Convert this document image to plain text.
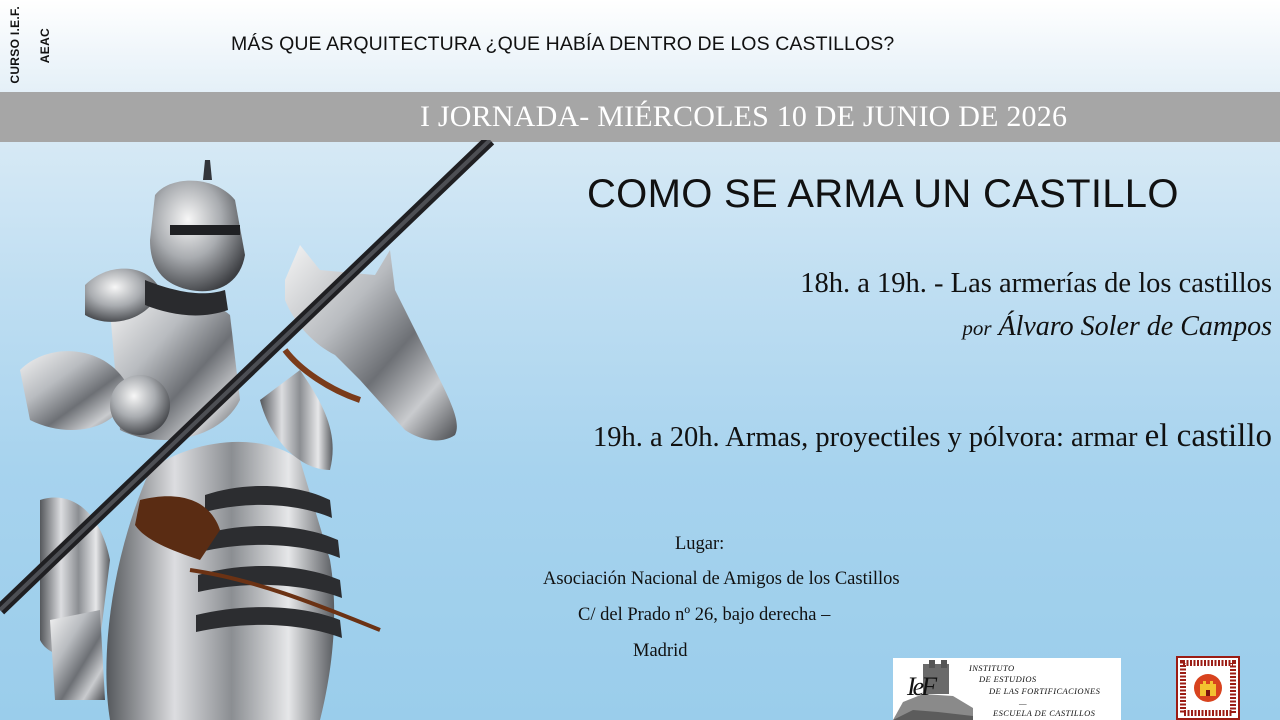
CURSO I.E.F. AEAC	MÁS QUE ARQUITECTURA ¿QUE HABÍA DENTRO DE LOS CASTILLOS?
I JORNADA- MIÉRCOLES 10 DE JUNIO DE 2026
COMO SE ARMA UN CASTILLO
18h. a 19h. - Las armerías de los castillos
por Álvaro Soler de Campos
19h. a 20h. Armas, proyectiles y pólvora: armar el castillo
Lugar:
Asociación Nacional de Amigos de los Castillos
C/ del Prado nº 26, bajo derecha –
Madrid
IeF
INSTITUTO
DE ESTUDIOS
DE LAS FORTIFICACIONES
—
ESCUELA DE CASTILLOS
